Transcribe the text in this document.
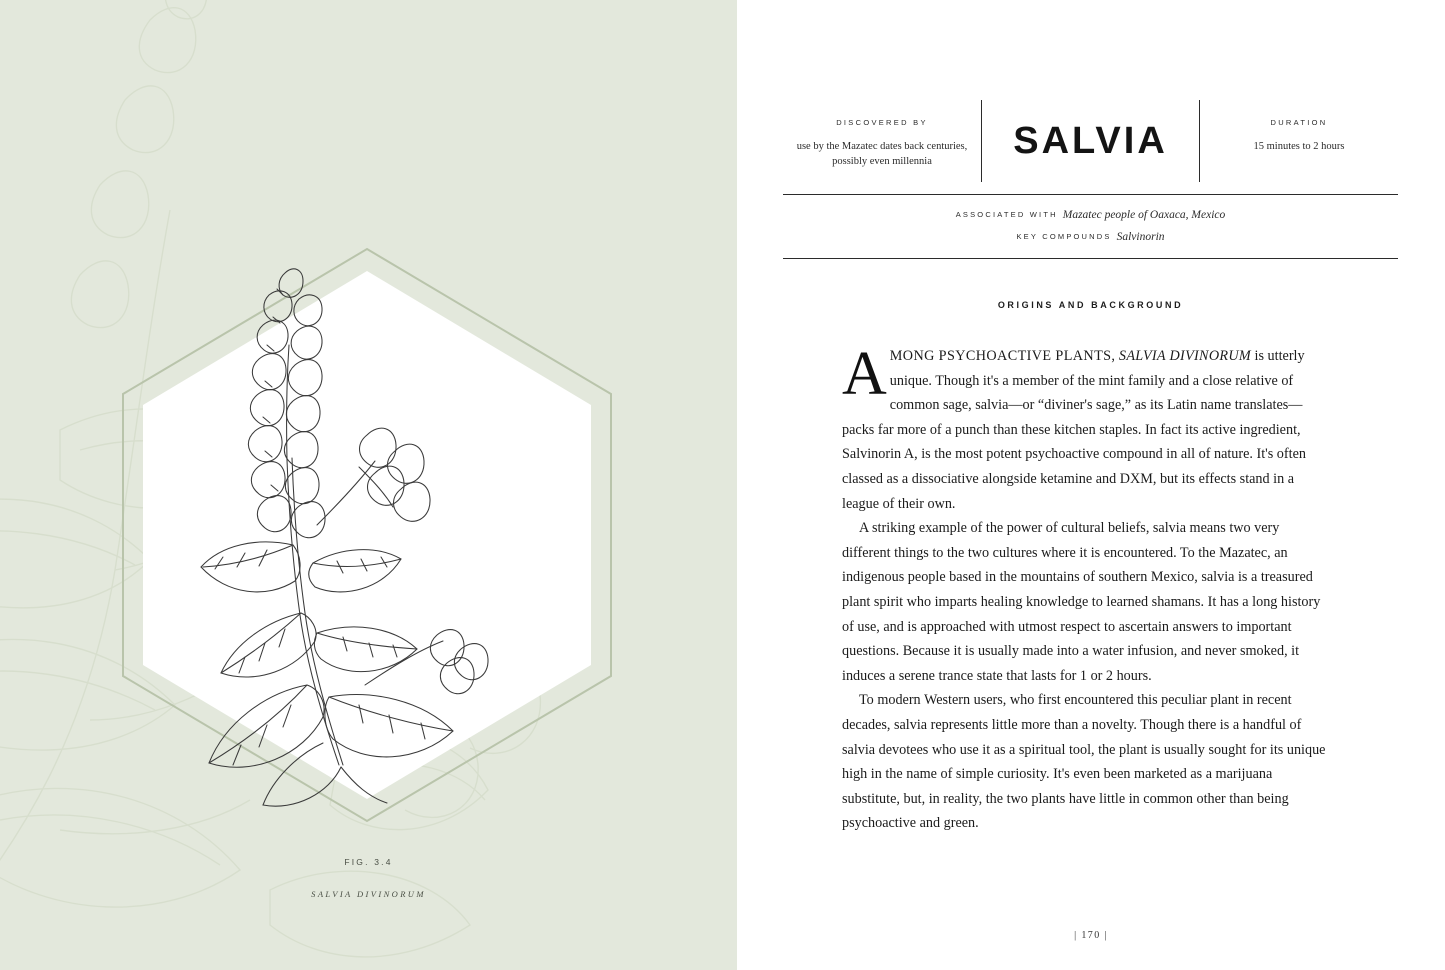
FIG. 3.4
SALVIA DIVINORUM
DISCOVERED BY
use by the Mazatec dates back centuries, possibly even millennia	SALVIA	DURATION
15 minutes to 2 hours
ASSOCIATED WITH Mazatec people of Oaxaca, Mexico
KEY COMPOUNDS Salvinorin
ORIGINS AND BACKGROUND

AMONG PSYCHOACTIVE PLANTS, SALVIA DIVINORUM is utterly unique. Though it's a member of the mint family and a close relative of common sage, salvia—or “diviner's sage,” as its Latin name translates—packs far more of a punch than these kitchen staples. In fact its active ingredient, Salvinorin A, is the most potent psychoactive compound in all of nature. It's often classed as a dissociative alongside ketamine and DXM, but its effects stand in a league of their own.

A striking example of the power of cultural beliefs, salvia means two very different things to the two cultures where it is encountered. To the Mazatec, an indigenous people based in the mountains of southern Mexico, salvia is a treasured plant spirit who imparts healing knowledge to learned shamans. It has a long history of use, and is approached with utmost respect to ascertain answers to important questions. Because it is usually made into a water infusion, and never smoked, it induces a serene trance state that lasts for 1 or 2 hours.

To modern Western users, who first encountered this peculiar plant in recent decades, salvia represents little more than a novelty. Though there is a handful of salvia devotees who use it as a spiritual tool, the plant is usually sought for its unique high in the name of simple curiosity. It's even been marketed as a marijuana substitute, but, in reality, the two plants have little in common other than being psychoactive and green.

| 170 |
